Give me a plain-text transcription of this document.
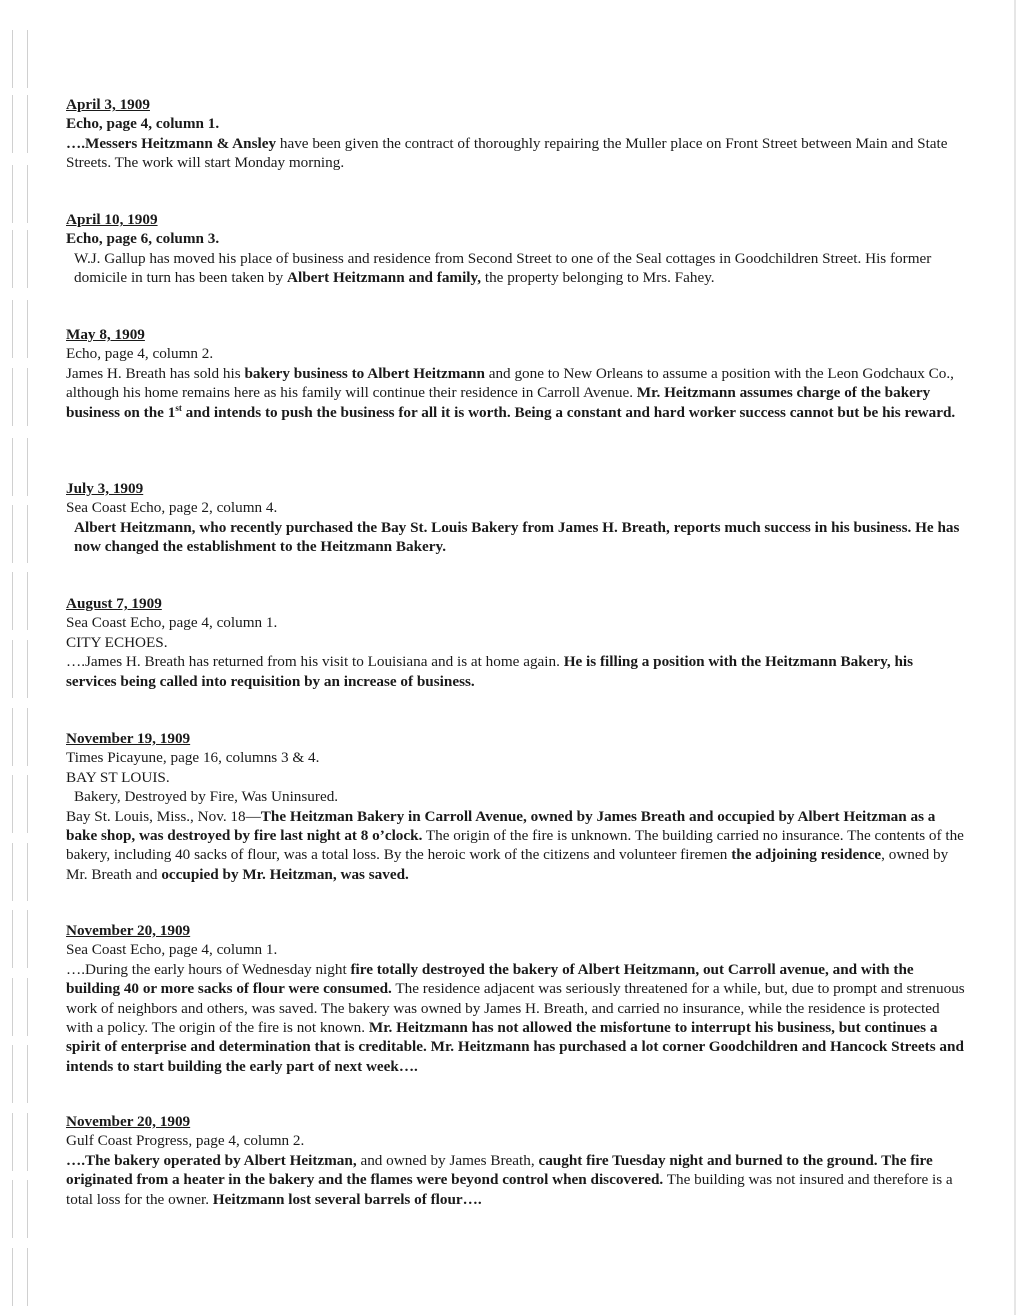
April 3, 1909
Echo, page 4, column 1.
….Messers Heitzmann & Ansley have been given the contract of thoroughly repairing the Muller place on Front Street between Main and State Streets. The work will start Monday morning.
April 10, 1909
Echo, page 6, column 3.
W.J. Gallup has moved his place of business and residence from Second Street to one of the Seal cottages in Goodchildren Street. His former domicile in turn has been taken by Albert Heitzmann and family, the property belonging to Mrs. Fahey.
May 8, 1909
Echo, page 4, column 2.
James H. Breath has sold his bakery business to Albert Heitzmann and gone to New Orleans to assume a position with the Leon Godchaux Co., although his home remains here as his family will continue their residence in Carroll Avenue. Mr. Heitzmann assumes charge of the bakery business on the 1st and intends to push the business for all it is worth. Being a constant and hard worker success cannot but be his reward.
July 3, 1909
Sea Coast Echo, page 2, column 4.
Albert Heitzmann, who recently purchased the Bay St. Louis Bakery from James H. Breath, reports much success in his business. He has now changed the establishment to the Heitzmann Bakery.
August 7, 1909
Sea Coast Echo, page 4, column 1.
CITY ECHOES.
….James H. Breath has returned from his visit to Louisiana and is at home again. He is filling a position with the Heitzmann Bakery, his services being called into requisition by an increase of business.
November 19, 1909
Times Picayune, page 16, columns 3 & 4.
BAY ST LOUIS.
Bakery, Destroyed by Fire, Was Uninsured.
Bay St. Louis, Miss., Nov. 18—The Heitzman Bakery in Carroll Avenue, owned by James Breath and occupied by Albert Heitzman as a bake shop, was destroyed by fire last night at 8 o’clock. The origin of the fire is unknown. The building carried no insurance. The contents of the bakery, including 40 sacks of flour, was a total loss. By the heroic work of the citizens and volunteer firemen the adjoining residence, owned by Mr. Breath and occupied by Mr. Heitzman, was saved.
November 20, 1909
Sea Coast Echo, page 4, column 1.
….During the early hours of Wednesday night fire totally destroyed the bakery of Albert Heitzmann, out Carroll avenue, and with the building 40 or more sacks of flour were consumed. The residence adjacent was seriously threatened for a while, but, due to prompt and strenuous work of neighbors and others, was saved. The bakery was owned by James H. Breath, and carried no insurance, while the residence is protected with a policy. The origin of the fire is not known. Mr. Heitzmann has not allowed the misfortune to interrupt his business, but continues a spirit of enterprise and determination that is creditable. Mr. Heitzmann has purchased a lot corner Goodchildren and Hancock Streets and intends to start building the early part of next week….
November 20, 1909
Gulf Coast Progress, page 4, column 2.
….The bakery operated by Albert Heitzman, and owned by James Breath, caught fire Tuesday night and burned to the ground. The fire originated from a heater in the bakery and the flames were beyond control when discovered. The building was not insured and therefore is a total loss for the owner. Heitzmann lost several barrels of flour….
